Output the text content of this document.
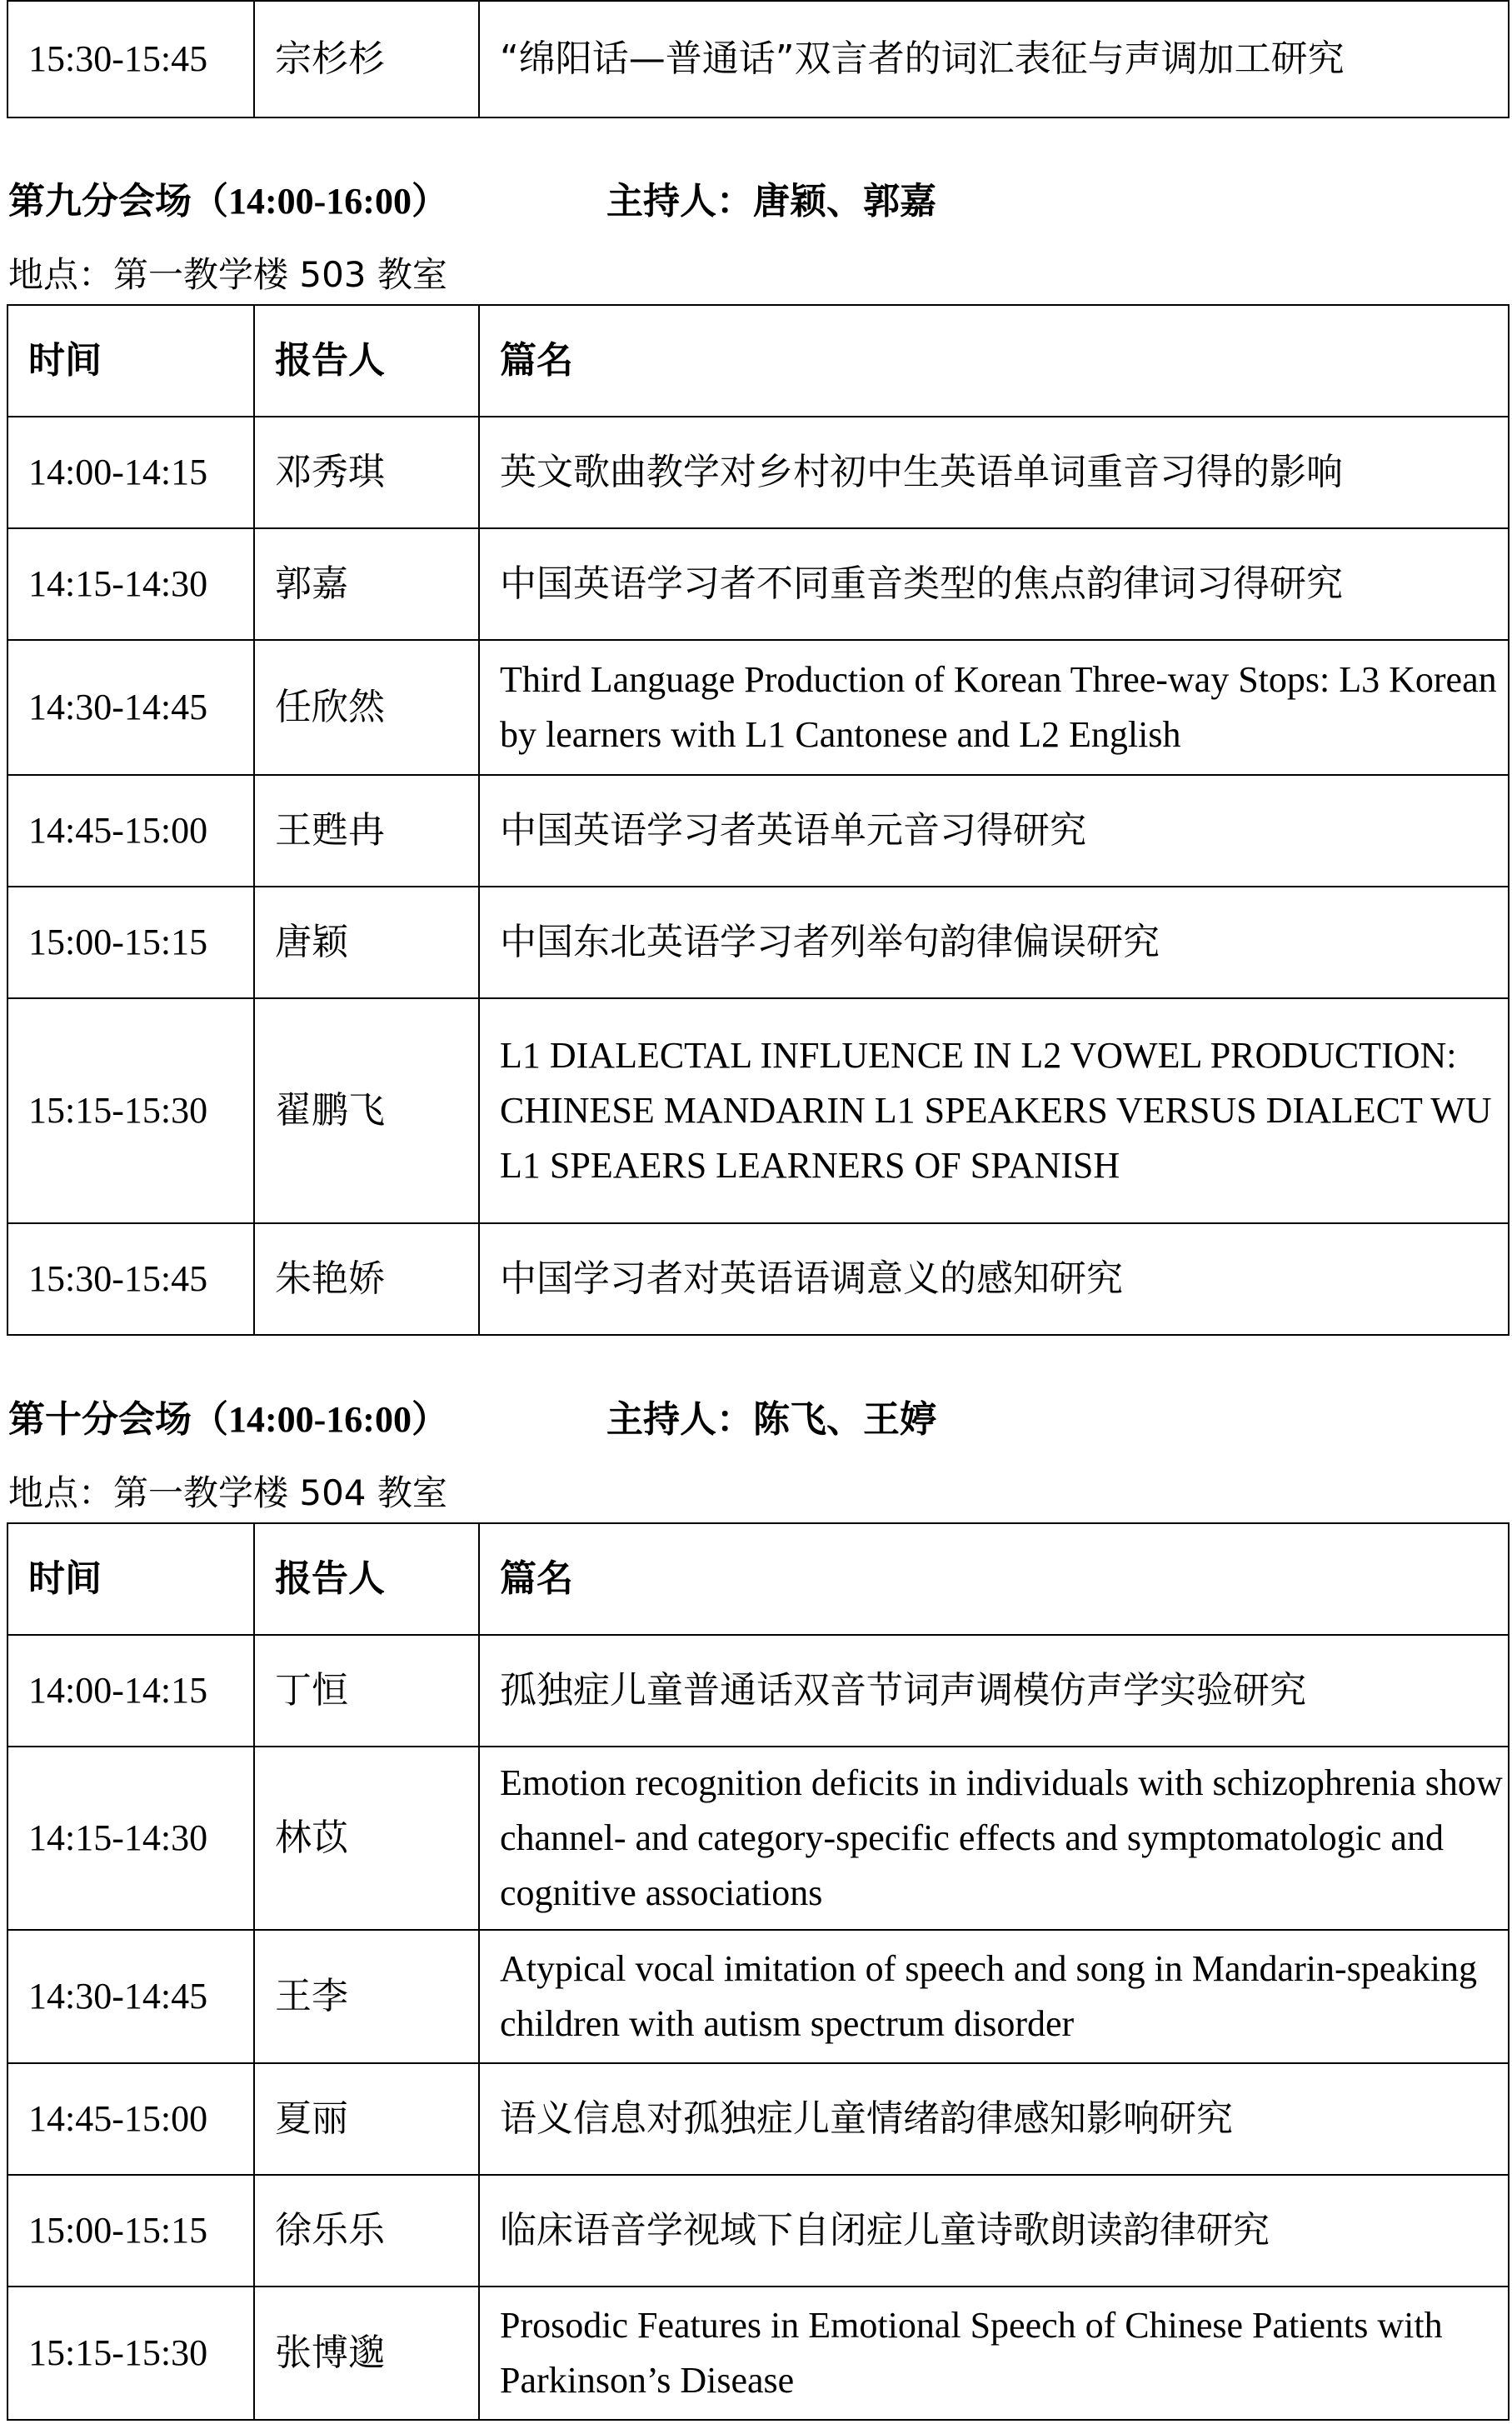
15:30-15:45	宗杉杉	“绵阳话—普通话”双言者的词汇表征与声调加工研究
第九分会场（14:00-16:00）	主持人：唐颖、郭嘉
地点：第一教学楼 503 教室
时间	报告人	篇名
14:00-14:15	邓秀琪	英文歌曲教学对乡村初中生英语单词重音习得的影响
14:15-14:30	郭嘉	中国英语学习者不同重音类型的焦点韵律词习得研究
14:30-14:45	任欣然	Third Language Production of Korean Three-way Stops: L3 Korean by learners with L1 Cantonese and L2 English
14:45-15:00	王甦冉	中国英语学习者英语单元音习得研究
15:00-15:15	唐颖	中国东北英语学习者列举句韵律偏误研究
15:15-15:30	翟鹏飞	L1 DIALECTAL INFLUENCE IN L2 VOWEL PRODUCTION: CHINESE MANDARIN L1 SPEAKERS VERSUS DIALECT WU L1 SPEAERS LEARNERS OF SPANISH
15:30-15:45	朱艳娇	中国学习者对英语语调意义的感知研究
第十分会场（14:00-16:00）	主持人：陈飞、王婷
地点：第一教学楼 504 教室
时间	报告人	篇名
14:00-14:15	丁恒	孤独症儿童普通话双音节词声调模仿声学实验研究
14:15-14:30	林苡	Emotion recognition deficits in individuals with schizophrenia show channel- and category-specific effects and symptomatologic and cognitive associations
14:30-14:45	王李	Atypical vocal imitation of speech and song in Mandarin-speaking children with autism spectrum disorder
14:45-15:00	夏丽	语义信息对孤独症儿童情绪韵律感知影响研究
15:00-15:15	徐乐乐	临床语音学视域下自闭症儿童诗歌朗读韵律研究
15:15-15:30	张博邈	Prosodic Features in Emotional Speech of Chinese Patients with Parkinson’s Disease
